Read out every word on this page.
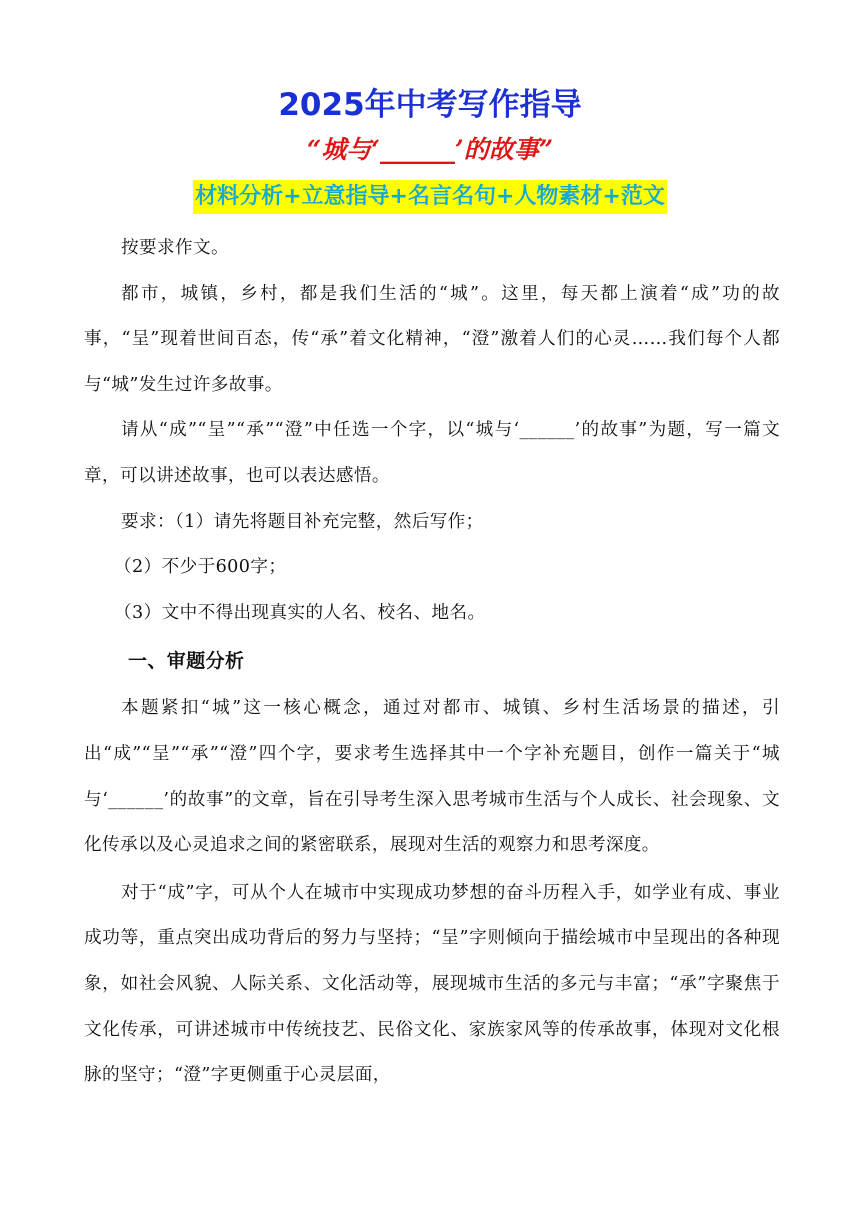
2025年中考写作指导
“城与‘______’的故事”
材料分析+立意指导+名言名句+人物素材+范文

按要求作文。

都市，城镇，乡村，都是我们生活的“城”。这里，每天都上演着“成”功的故事，“呈”现着世间百态，传“承”着文化精神，“澄”激着人们的心灵……我们每个人都与“城”发生过许多故事。

请从“成”“呈”“承”“澄”中任选一个字，以“城与‘______’的故事”为题，写一篇文章，可以讲述故事，也可以表达感悟。

要求：（1）请先将题目补充完整，然后写作；

（2）不少于600字；

（3）文中不得出现真实的人名、校名、地名。

一、审题分析

本题紧扣“城”这一核心概念，通过对都市、城镇、乡村生活场景的描述，引出“成”“呈”“承”“澄”四个字，要求考生选择其中一个字补充题目，创作一篇关于“城与‘______’的故事”的文章，旨在引导考生深入思考城市生活与个人成长、社会现象、文化传承以及心灵追求之间的紧密联系，展现对生活的观察力和思考深度。

对于“成”字，可从个人在城市中实现成功梦想的奋斗历程入手，如学业有成、事业成功等，重点突出成功背后的努力与坚持；“呈”字则倾向于描绘城市中呈现出的各种现象，如社会风貌、人际关系、文化活动等，展现城市生活的多元与丰富；“承”字聚焦于文化传承，可讲述城市中传统技艺、民俗文化、家族家风等的传承故事，体现对文化根脉的坚守；“澄”字更侧重于心灵层面，
